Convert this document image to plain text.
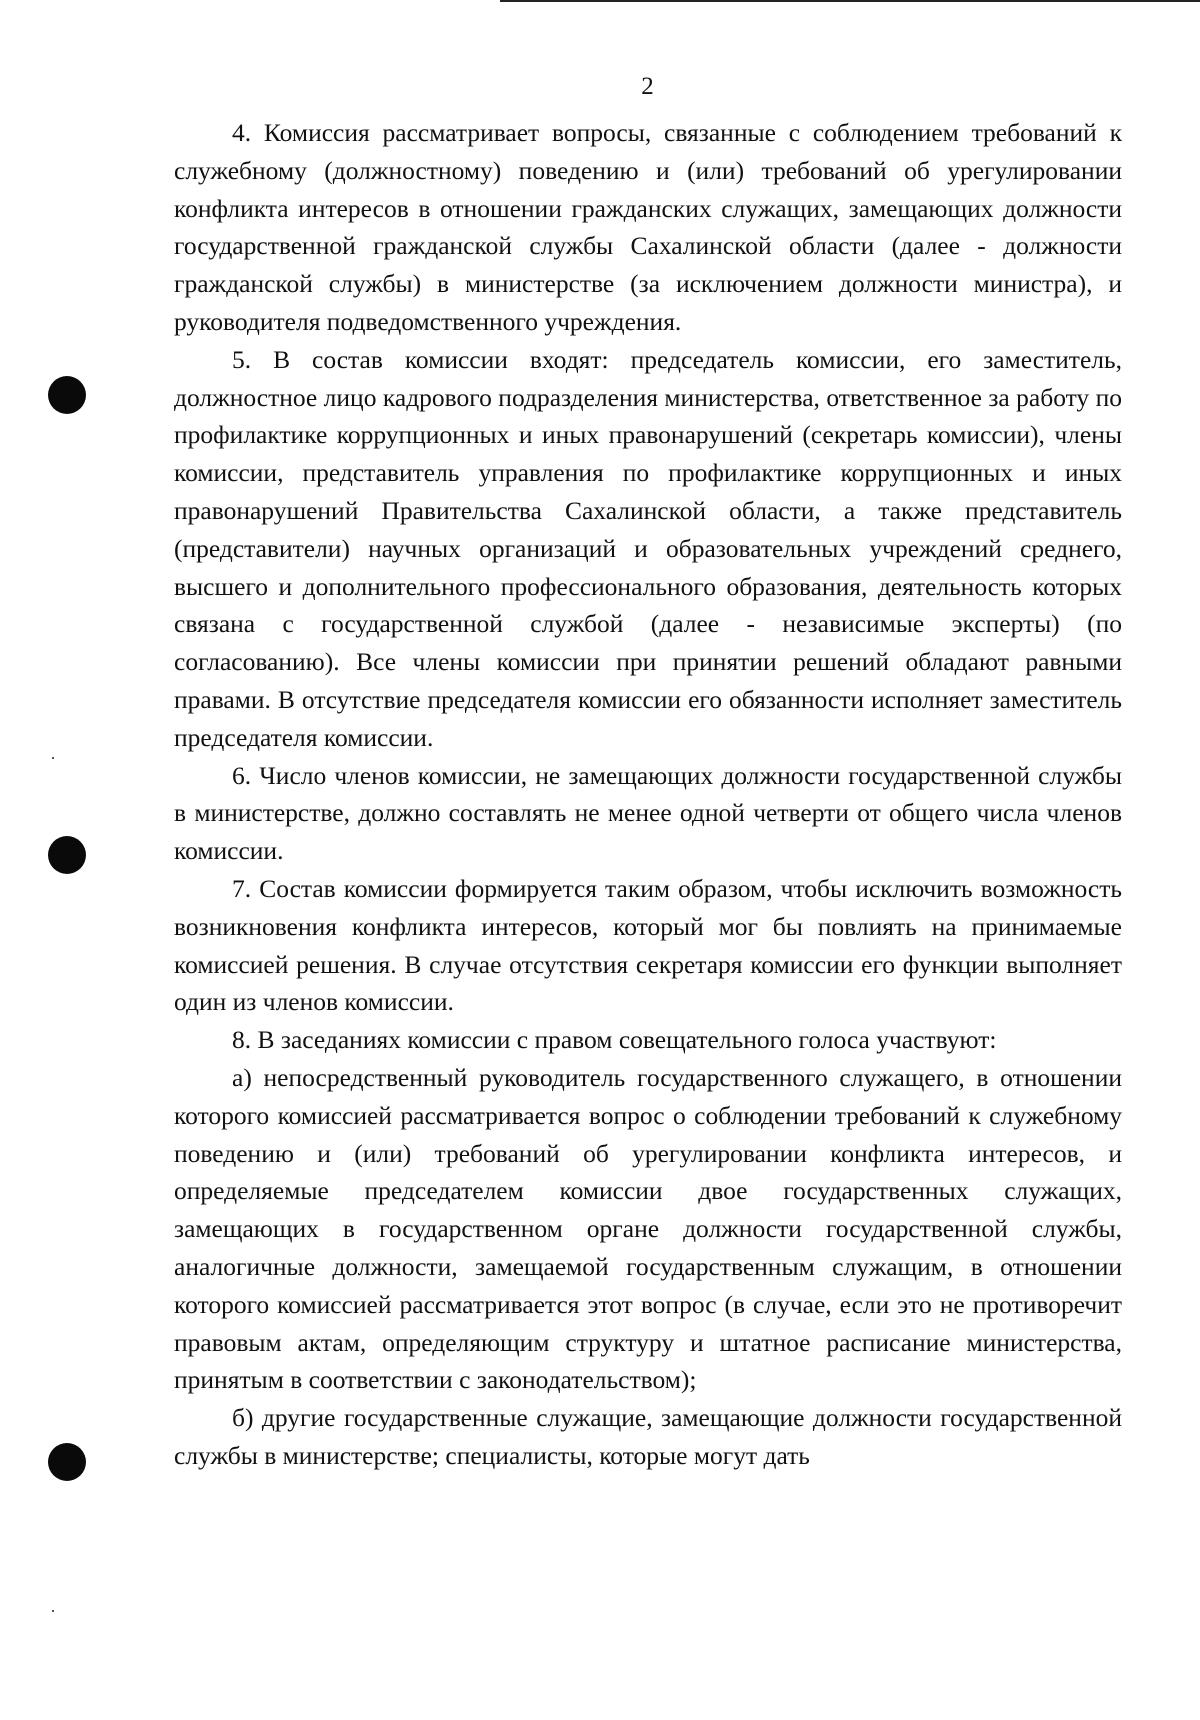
2

4. Комиссия рассматривает вопросы, связанные с соблюдением требований к служебному (должностному) поведению и (или) требований об урегулировании конфликта интересов в отношении гражданских служащих, замещающих должности государственной гражданской службы Сахалинской области (далее - должности гражданской службы) в министерстве (за исключением должности министра), и руководителя подведомственного учреждения.

5. В состав комиссии входят: председатель комиссии, его заместитель, должностное лицо кадрового подразделения министерства, ответственное за работу по профилактике коррупционных и иных правонарушений (секретарь комиссии), члены комиссии, представитель управления по профилактике коррупционных и иных правонарушений Правительства Сахалинской области, а также представитель (представители) научных организаций и образовательных учреждений среднего, высшего и дополнительного профессионального образования, деятельность которых связана с государственной службой (далее - независимые эксперты) (по согласованию). Все члены комиссии при принятии решений обладают равными правами. В отсутствие председателя комиссии его обязанности исполняет заместитель председателя комиссии.

6. Число членов комиссии, не замещающих должности государственной службы в министерстве, должно составлять не менее одной четверти от общего числа членов комиссии.

7. Состав комиссии формируется таким образом, чтобы исключить возможность возникновения конфликта интересов, который мог бы повлиять на принимаемые комиссией решения. В случае отсутствия секретаря комиссии его функции выполняет один из членов комиссии.

8. В заседаниях комиссии с правом совещательного голоса участвуют:

а) непосредственный руководитель государственного служащего, в отношении которого комиссией рассматривается вопрос о соблюдении требований к служебному поведению и (или) требований об урегулировании конфликта интересов, и определяемые председателем комиссии двое государственных служащих, замещающих в государственном органе должности государственной службы, аналогичные должности, замещаемой государственным служащим, в отношении которого комиссией рассматривается этот вопрос (в случае, если это не противоречит правовым актам, определяющим структуру и штатное расписание министерства, принятым в соответствии с законодательством);

б) другие государственные служащие, замещающие должности государственной службы в министерстве; специалисты, которые могут дать
